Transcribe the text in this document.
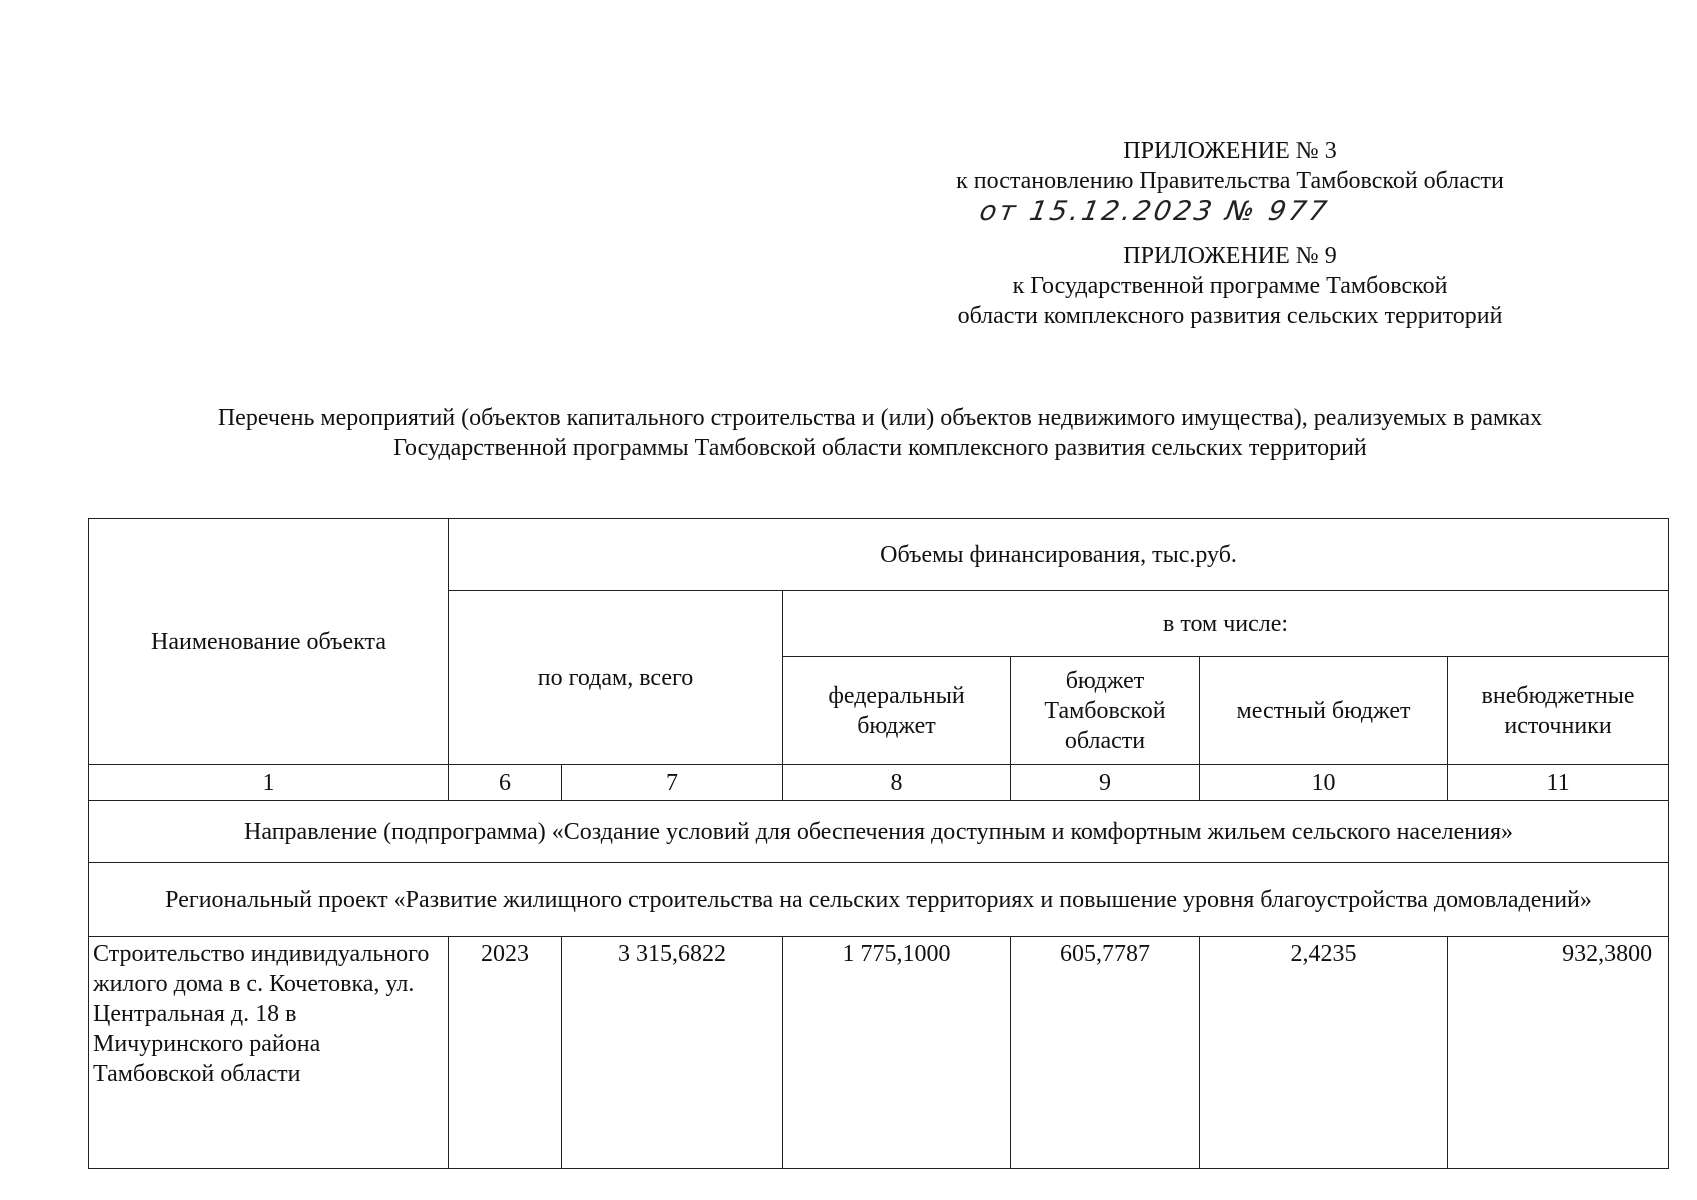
ПРИЛОЖЕНИЕ № 3
к постановлению Правительства Тамбовской области
от 15.12.2023 № 977
ПРИЛОЖЕНИЕ № 9
к Государственной программе Тамбовской
области комплексного развития сельских территорий
Перечень мероприятий (объектов капитального строительства и (или) объектов недвижимого имущества), реализуемых в рамках
Государственной программы Тамбовской области комплексного развития сельских территорий
Наименование объекта	Объемы финансирования, тыс.руб.					
	по годам, всего		в том числе:			
			федеральный бюджет	бюджет Тамбовской области	местный бюджет	внебюджетные источники
1	6	7	8	9	10	11
Направление (подпрограмма) «Создание условий для обеспечения доступным и комфортным жильем сельского населения»						
Региональный проект «Развитие жилищного строительства на сельских территориях и повышение уровня благоустройства домовладений»						
Строительство индивидуального жилого дома в с. Кочетовка, ул. Центральная д. 18 в Мичуринского района Тамбовской области	2023	3 315,6822	1 775,1000	605,7787	2,4235	932,3800
